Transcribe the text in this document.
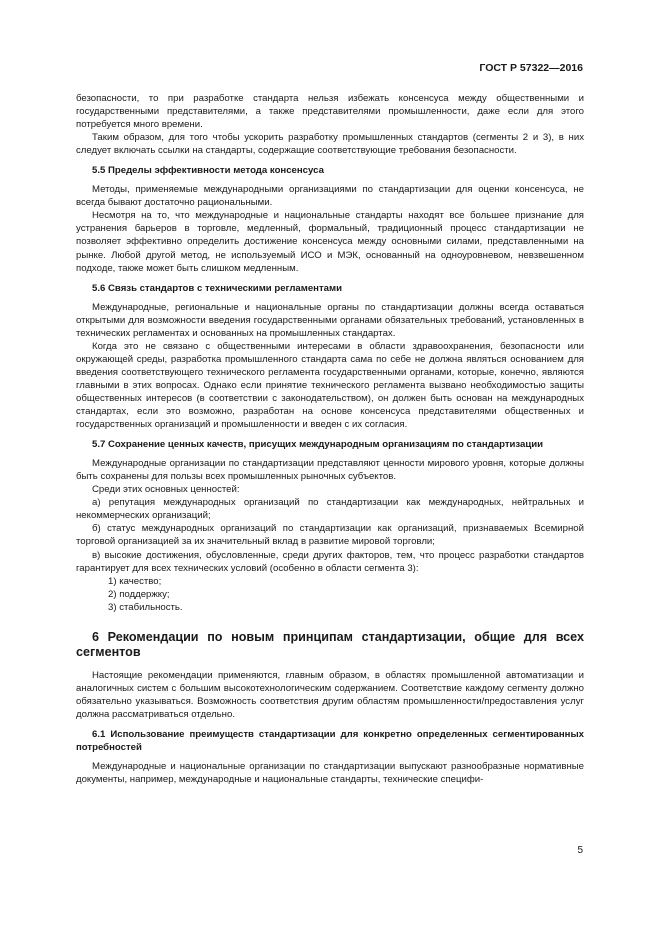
ГОСТ Р 57322—2016

безопасности, то при разработке стандарта нельзя избежать консенсуса между общественными и государственными представителями, а также представителями промышленности, даже если для этого потребуется много времени.

Таким образом, для того чтобы ускорить разработку промышленных стандартов (сегменты 2 и 3), в них следует включать ссылки на стандарты, содержащие соответствующие требования безопасности.

5.5 Пределы эффективности метода консенсуса

Методы, применяемые международными организациями по стандартизации для оценки консенсуса, не всегда бывают достаточно рациональными.

Несмотря на то, что международные и национальные стандарты находят все большее признание для устранения барьеров в торговле, медленный, формальный, традиционный процесс стандартизации не позволяет эффективно определить достижение консенсуса между основными силами, представленными на рынке. Любой другой метод, не используемый ИСО и МЭК, основанный на одноуровневом, невзвешенном подходе, также может быть слишком медленным.

5.6 Связь стандартов с техническими регламентами

Международные, региональные и национальные органы по стандартизации должны всегда оставаться открытыми для возможности введения государственными органами обязательных требований, установленных в технических регламентах и основанных на промышленных стандартах.

Когда это не связано с общественными интересами в области здравоохранения, безопасности или окружающей среды, разработка промышленного стандарта сама по себе не должна являться основанием для введения соответствующего технического регламента государственными органами, которые, конечно, являются главными в этих вопросах. Однако если принятие технического регламента вызвано необходимостью защиты общественных интересов (в соответствии с законодательством), он должен быть основан на международных стандартах, если это возможно, разработан на основе консенсуса представителями общественных и государственных организаций и промышленности и введен с их согласия.

5.7 Сохранение ценных качеств, присущих международным организациям по стандартизации

Международные организации по стандартизации представляют ценности мирового уровня, которые должны быть сохранены для пользы всех промышленных рыночных субъектов.

Среди этих основных ценностей:

а) репутация международных организаций по стандартизации как международных, нейтральных и некоммерческих организаций;

б) статус международных организаций по стандартизации как организаций, признаваемых Всемирной торговой организацией за их значительный вклад в развитие мировой торговли;

в) высокие достижения, обусловленные, среди других факторов, тем, что процесс разработки стандартов гарантирует для всех технических условий (особенно в области сегмента 3):

1) качество;

2) поддержку;

3) стабильность.

6 Рекомендации по новым принципам стандартизации, общие для всех сегментов

Настоящие рекомендации применяются, главным образом, в областях промышленной автоматизации и аналогичных систем с большим высокотехнологическим содержанием. Соответствие каждому сегменту должно обязательно указываться. Возможность соответствия другим областям промышленности/предоставления услуг должна рассматриваться отдельно.

6.1 Использование преимуществ стандартизации для конкретно определенных сегментированных потребностей

Международные и национальные организации по стандартизации выпускают разнообразные нормативные документы, например, международные и национальные стандарты, технические специфи-

5
